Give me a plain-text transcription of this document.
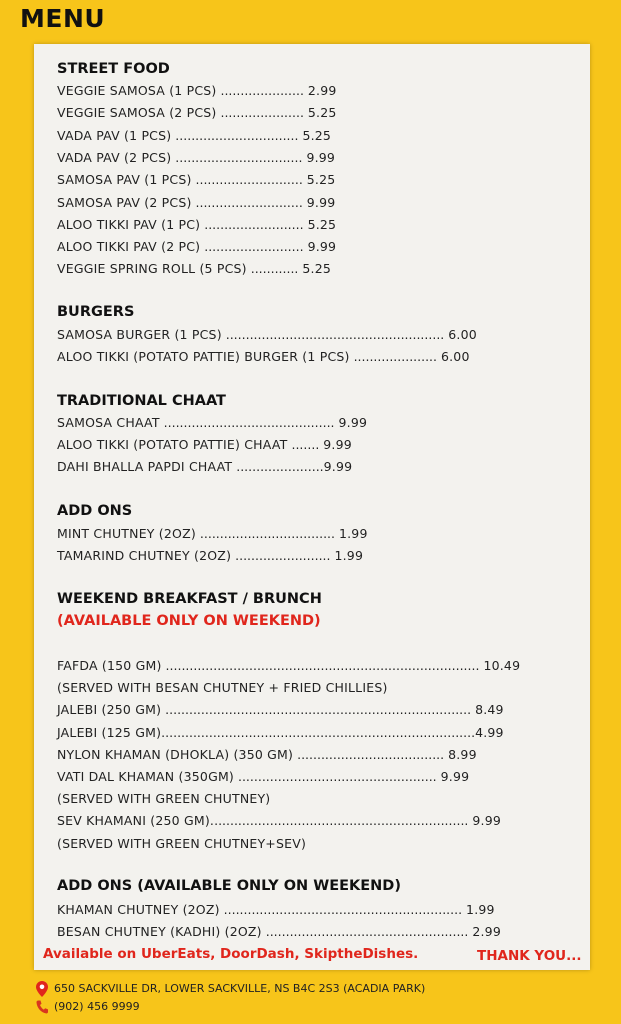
MENU
STREET FOOD
VEGGIE SAMOSA (1 PCS) ..................... 2.99
VEGGIE SAMOSA (2 PCS) ..................... 5.25
VADA PAV (1 PCS) ............................... 5.25
VADA PAV (2 PCS) ................................ 9.99
SAMOSA PAV (1 PCS) ........................... 5.25
SAMOSA PAV (2 PCS) ........................... 9.99
ALOO TIKKI PAV (1 PC) ......................... 5.25
ALOO TIKKI PAV (2 PC) ......................... 9.99
VEGGIE SPRING ROLL (5 PCS) ............ 5.25
BURGERS
SAMOSA BURGER (1 PCS) ....................................................... 6.00
ALOO TIKKI (POTATO PATTIE) BURGER (1 PCS) ..................... 6.00
TRADITIONAL CHAAT
SAMOSA CHAAT ........................................... 9.99
ALOO TIKKI (POTATO PATTIE) CHAAT ....... 9.99
DAHI BHALLA PAPDI CHAAT ......................9.99
ADD ONS
MINT CHUTNEY (2OZ) .................................. 1.99
TAMARIND CHUTNEY (2OZ) ........................ 1.99
WEEKEND BREAKFAST / BRUNCH
(AVAILABLE ONLY ON WEEKEND)
FAFDA (150 GM) ............................................................................... 10.49
(SERVED WITH BESAN CHUTNEY + FRIED CHILLIES)
JALEBI (250 GM) ............................................................................. 8.49
JALEBI (125 GM)...............................................................................4.99
NYLON KHAMAN (DHOKLA) (350 GM) ..................................... 8.99
VATI DAL KHAMAN (350GM) .................................................. 9.99
(SERVED WITH GREEN CHUTNEY)
SEV KHAMANI (250 GM)................................................................. 9.99
(SERVED WITH GREEN CHUTNEY+SEV)
ADD ONS (AVAILABLE ONLY ON WEEKEND)
KHAMAN CHUTNEY (2OZ) ............................................................ 1.99
BESAN CHUTNEY (KADHI) (2OZ) ................................................... 2.99
Available on UberEats, DoorDash, SkiptheDishes.	THANK YOU...
650 SACKVILLE DR, LOWER SACKVILLE, NS B4C 2S3 (ACADIA PARK)
(902) 456 9999
